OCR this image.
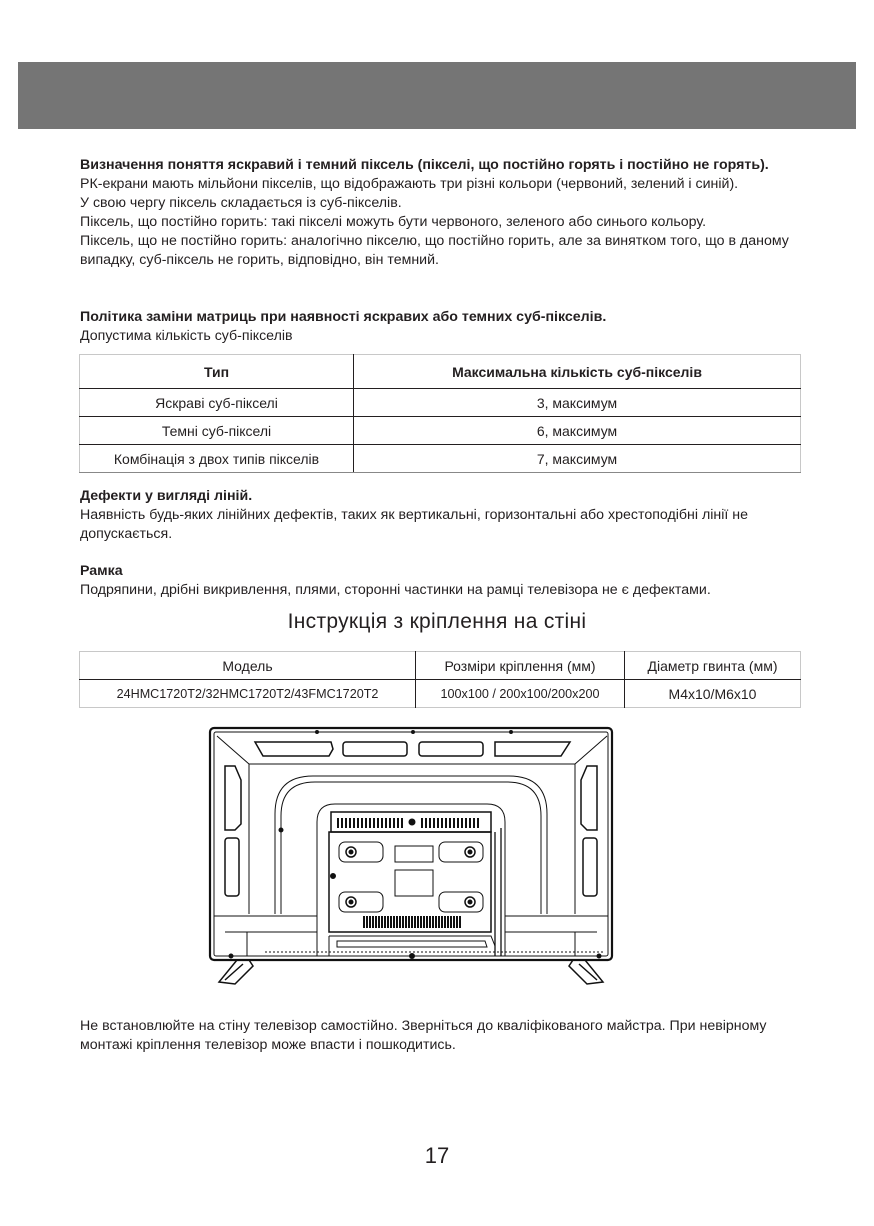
Визначення поняття яскравий і темний піксель (пікселі, що постійно горять і постійно не горять).

РК-екрани мають мільйони пікселів, що відображають три різні кольори (червоний, зелений і синій).

У свою чергу піксель складається із суб-пікселів.

Піксель, що постійно горить: такі пікселі можуть бути червоного, зеленого або синього кольору.

Піксель, що не постійно горить: аналогічно пікселю, що постійно горить, але за винятком того, що в даному випадку, суб-піксель не горить, відповідно, він темний.

Політика заміни матриць при наявності яскравих або темних суб-пікселів.

Допустима кількість суб-пікселів

Тип	Максимальна кількість суб-пікселів
Яскраві суб-пікселі	3, максимум
Темні суб-пікселі	6, максимум
Комбінація з двох типів пікселів	7, максимум

Дефекти у вигляді ліній.

Наявність будь-яких лінійних дефектів, таких як вертикальні, горизонтальні або хрестоподібні лінії не допускається.

Рамка

Подряпини, дрібні викривлення, плями, сторонні частинки на рамці телевізора не є дефектами.

Інструкція з кріплення на стіні
Модель	Розміри кріплення (мм)	Діаметр гвинта (мм)
24HMC1720T2/32HMC1720T2/43FMC1720T2	100x100 / 200x100/200x200	M4x10/M6x10

Не встановлюйте на стіну телевізор самостійно. Зверніться до кваліфікованого майстра. При невірному монтажі кріплення телевізор може впасти і пошкодитись.

17
